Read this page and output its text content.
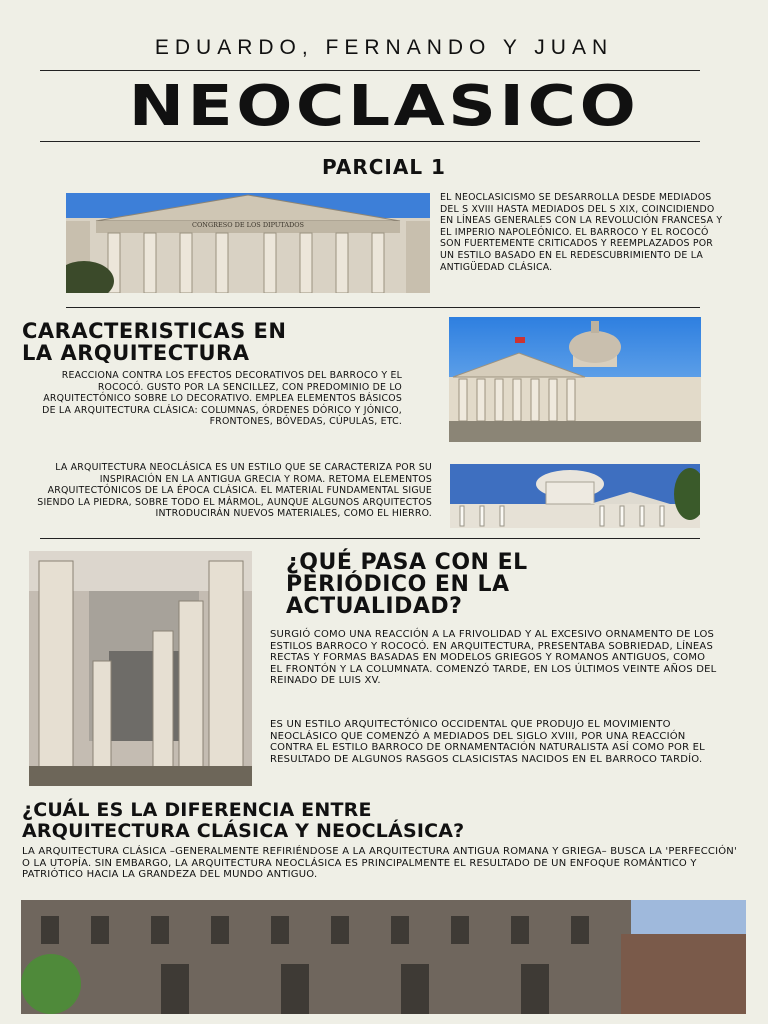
EDUARDO, FERNANDO Y JUAN
NEOCLASICO
PARCIAL 1
CONGRESO DE LOS DIPUTADOS
EL NEOCLASICISMO SE DESARROLLA DESDE MEDIADOS DEL S XVIII HASTA MEDIADOS DEL S XIX, COINCIDIENDO EN LÍNEAS GENERALES CON LA REVOLUCIÓN FRANCESA Y EL IMPERIO NAPOLEÓNICO. EL BARROCO Y EL ROCOCÓ SON FUERTEMENTE CRITICADOS Y REEMPLAZADOS POR UN ESTILO BASADO EN EL REDESCUBRIMIENTO DE LA ANTIGÜEDAD CLÁSICA.
CARACTERISTICAS EN
LA ARQUITECTURA
REACCIONA CONTRA LOS EFECTOS DECORATIVOS DEL BARROCO Y EL ROCOCÓ. GUSTO POR LA SENCILLEZ, CON PREDOMINIO DE LO ARQUITECTÓNICO SOBRE LO DECORATIVO. EMPLEA ELEMENTOS BÁSICOS DE LA ARQUITECTURA CLÁSICA: COLUMNAS, ÓRDENES DÓRICO Y JÓNICO, FRONTONES, BÓVEDAS, CÚPULAS, ETC.
LA ARQUITECTURA NEOCLÁSICA ES UN ESTILO QUE SE CARACTERIZA POR SU INSPIRACIÓN EN LA ANTIGUA GRECIA Y ROMA. RETOMA ELEMENTOS ARQUITECTÓNICOS DE LA ÉPOCA CLÁSICA. EL MATERIAL FUNDAMENTAL SIGUE SIENDO LA PIEDRA, SOBRE TODO EL MÁRMOL, AUNQUE ALGUNOS ARQUITECTOS INTRODUCIRÁN NUEVOS MATERIALES, COMO EL HIERRO.
¿QUÉ PASA CON EL
PERIÓDICO EN LA
ACTUALIDAD?
SURGIÓ COMO UNA REACCIÓN A LA FRIVOLIDAD Y AL EXCESIVO ORNAMENTO DE LOS ESTILOS BARROCO Y ROCOCÓ. EN ARQUITECTURA, PRESENTABA SOBRIEDAD, LÍNEAS RECTAS Y FORMAS BASADAS EN MODELOS GRIEGOS Y ROMANOS ANTIGUOS, COMO EL FRONTÓN Y LA COLUMNATA. COMENZÓ TARDE, EN LOS ÚLTIMOS VEINTE AÑOS DEL REINADO DE LUIS XV.
ES UN ESTILO ARQUITECTÓNICO OCCIDENTAL QUE PRODUJO EL MOVIMIENTO NEOCLÁSICO QUE COMENZÓ A MEDIADOS DEL SIGLO XVIII, POR UNA REACCIÓN CONTRA EL ESTILO BARROCO DE ORNAMENTACIÓN NATURALISTA ASÍ COMO POR EL RESULTADO DE ALGUNOS RASGOS CLASICISTAS NACIDOS EN EL BARROCO TARDÍO.
¿CUÁL ES LA DIFERENCIA ENTRE
ARQUITECTURA CLÁSICA Y NEOCLÁSICA?
LA ARQUITECTURA CLÁSICA –GENERALMENTE REFIRIÉNDOSE A LA ARQUITECTURA ANTIGUA ROMANA Y GRIEGA– BUSCA LA 'PERFECCIÓN' O LA UTOPÍA. SIN EMBARGO, LA ARQUITECTURA NEOCLÁSICA ES PRINCIPALMENTE EL RESULTADO DE UN ENFOQUE ROMÁNTICO Y PATRIÓTICO HACIA LA GRANDEZA DEL MUNDO ANTIGUO.
